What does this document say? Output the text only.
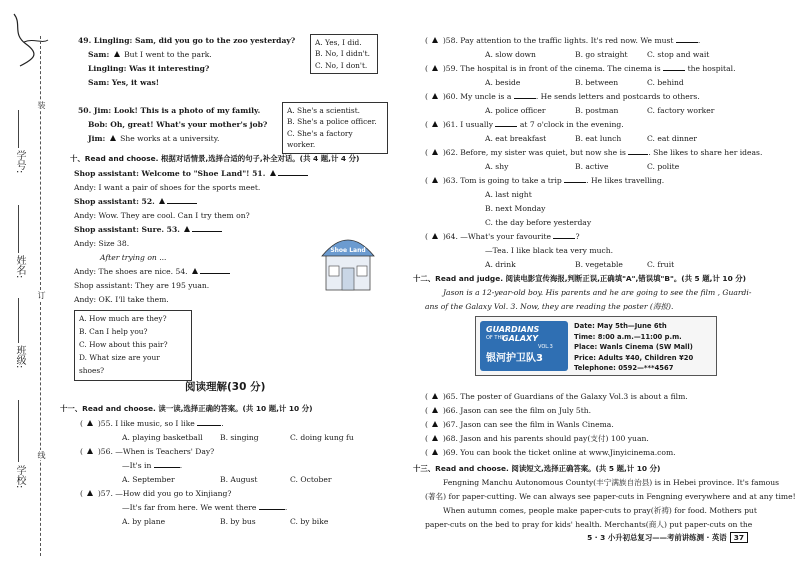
装
订
线
学号:
姓名:
班级:
学校:
49. Lingling: Sam, did you go to the zoo yesterday?
Sam: But I went to the park.
Lingling: Was it interesting?
Sam: Yes, it was!
A. Yes, I did.
B. No, I didn't.
C. No, I don't.
50. Jim: Look! This is a photo of my family.
Bob: Oh, great! What's your mother's job?
Jim: She works at a university.
A. She's a scientist.
B. She's a police officer.
C. She's a factory worker.
十、Read and choose. 根据对话情景,选择合适的句子,补全对话。(共 4 题,计 4 分)
Shop assistant: Welcome to "Shoe Land"! 51.
Andy: I want a pair of shoes for the sports meet.
Shop assistant: 52.
Andy: Wow. They are cool. Can I try them on?
Shop assistant: Sure. 53.
Andy: Size 38.
After trying on ...
Andy: The shoes are nice. 54.
Shop assistant: They are 195 yuan.
Andy: OK. I'll take them.
Shoe Land
A. How much are they?
B. Can I help you?
C. How about this pair?
D. What size are your shoes?
阅读理解(30 分)
十一、Read and choose. 读一读,选择正确的答案。(共 10 题,计 10 分)
(  )55. I like music, so I like	.
A. playing basketball B. singing	C. doing kung fu
(  )56. —When is Teachers' Day?
—It's in	.
A. September	B. August	C. October
(  )57. —How did you go to Xinjiang?
—It's far from here. We went there	.
A. by plane	B. by bus	C. by bike
(  )58. Pay attention to the traffic lights. It's red now. We must	.
A. slow down	B. go straight	C. stop and wait
(  )59. The hospital is in front of the cinema. The cinema is	the hospital.
A. beside	B. between	C. behind
(  )60. My uncle is a	. He sends letters and postcards to others.
A. police officer	B. postman	C. factory worker
(  )61. I usually	at 7 o'clock in the evening.
A. eat breakfast	B. eat lunch	C. eat dinner
(  )62. Before, my sister was quiet, but now she is	. She likes to share her ideas.
A. shy	B. active	C. polite
(  )63. Tom is going to take a trip	. He likes travelling.
A. last night
B. next Monday
C. the day before yesterday
(  )64. —What's your favourite	?
—Tea. I like black tea very much.
A. drink	B. vegetable	C. fruit
十二、Read and judge. 阅读电影宣传海报,判断正误,正确填"A",错误填"B"。(共 5 题,计 10 分)
Jason is a 12-year-old boy. His parents and he are going to see the film , Guardi-
ans of the Galaxy Vol. 3. Now, they are reading the poster (海报).
GUARDIANS
OF THE
GALAXY
VOL.3
银河护卫队3
Date: May 5th—June 6th
Time: 8:00 a.m.—11:00 p.m.
Place: Wanls Cinema (SW Mall)
Price: Adults ¥40, Children ¥20
Telephone: 0592—***4567
(  )65. The poster of Guardians of the Galaxy Vol.3 is about a film.
(  )66. Jason can see the film on July 5th.
(  )67. Jason can see the film in Wanls Cinema.
(  )68. Jason and his parents should pay(支付) 100 yuan.
(  )69. You can book the ticket online at www.Jinyicinema.com.
十三、Read and choose. 阅读短文,选择正确答案。(共 5 题,计 10 分)
Fengning Manchu Autonomous County(丰宁满族自治县) is in Hebei province. It's famous
(著名) for paper-cutting. We can always see paper-cuts in Fengning everywhere and at any time!
When autumn comes, people make paper-cuts to pray(祈祷) for food. Mothers put
paper-cuts on the bed to pray for kids' health. Merchants(商人) put paper-cuts on the
5 · 3 小升初总复习——考前讲练测 · 英语 37
